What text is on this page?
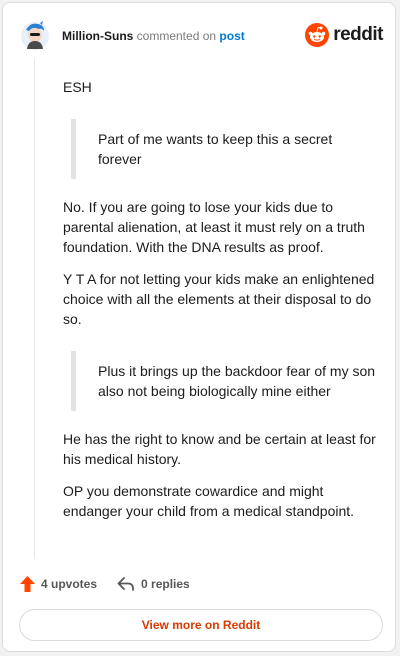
Million-Suns commented on post	reddit

ESH

Part of me wants to keep this a secret forever

No. If you are going to lose your kids due to parental alienation, at least it must rely on a truth foundation. With the DNA results as proof.

Y T A for not letting your kids make an enlightened choice with all the elements at their disposal to do so.

Plus it brings up the backdoor fear of my son also not being biologically mine either

He has the right to know and be certain at least for his medical history.

OP you demonstrate cowardice and might endanger your child from a medical standpoint.

4 upvotes	0 replies
View more on Reddit
